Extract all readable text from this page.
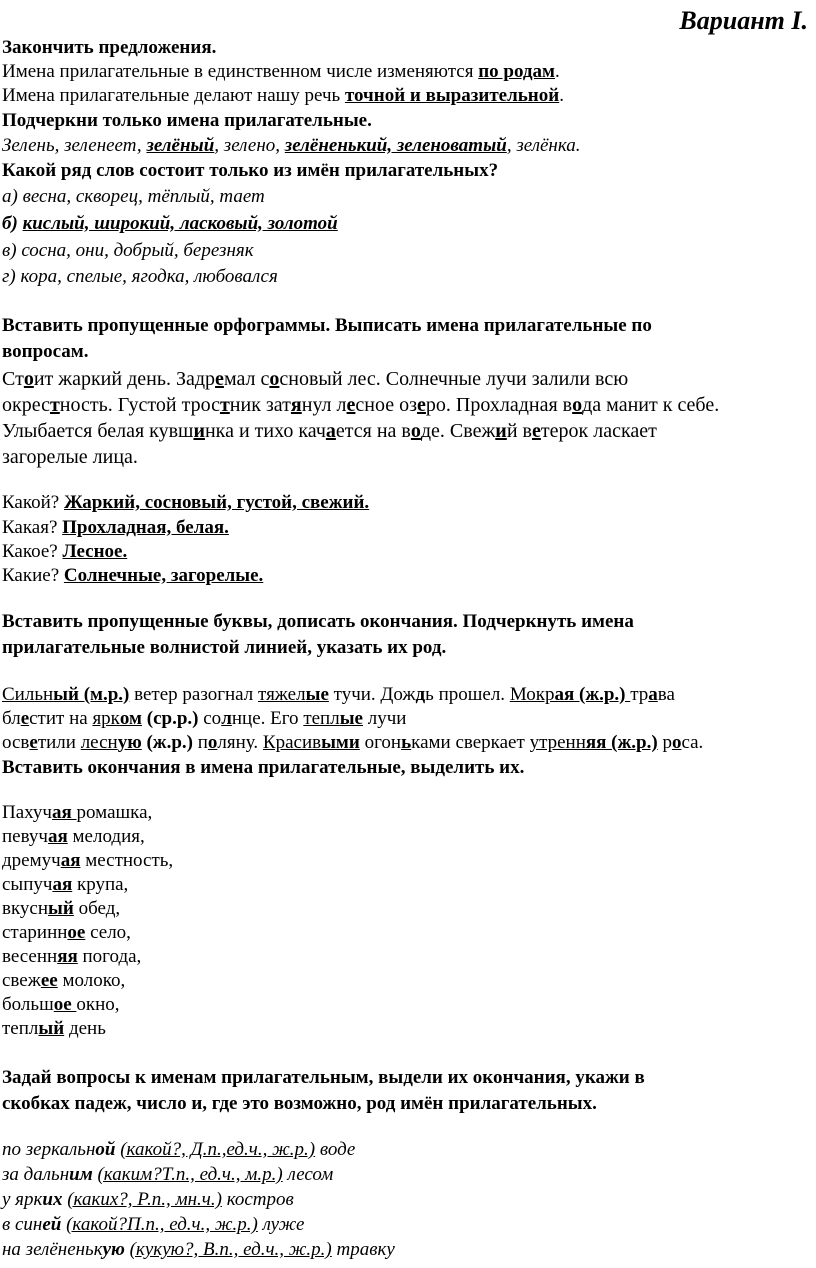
Вариант I.
Закончить предложения.
Имена прилагательные в единственном числе изменяются по родам.
Имена прилагательные делают нашу речь точной и выразительной.
Подчеркни только имена прилагательные.
Зелень, зеленеет, зелёный, зелено, зелёненький, зеленоватый, зелёнка.
Какой ряд слов состоит только из имён прилагательных?
а) весна, скворец, тёплый, тает
б) кислый, широкий, ласковый, золотой
в) сосна, они, добрый, березняк
г) кора, спелые, ягодка, любовался
Вставить пропущенные орфограммы. Выписать имена прилагательные по
вопросам.
Стоит жаркий день. Задремал сосновый лес. Солнечные лучи залили всю
окрестность. Густой тростник затянул лесное озеро. Прохладная вода манит к себе.
Улыбается белая кувшинка и тихо качается на воде. Свежий ветерок ласкает
загорелые лица.
Какой? Жаркий, сосновый, густой, свежий.
Какая? Прохладная, белая.
Какое? Лесное.
Какие? Солнечные, загорелые.
Вставить пропущенные буквы, дописать окончания. Подчеркнуть имена
прилагательные волнистой линией, указать их род.
Сильный (м.р.) ветер разогнал тяжелые тучи. Дождь прошел. Мокрая (ж.р.) трава
блестит на ярком (ср.р.) солнце. Его теплые лучи
осветили лесную (ж.р.) поляну. Красивыми огоньками сверкает утренняя (ж.р.) роса.
Вставить окончания в имена прилагательные, выделить их.
Пахучая ромашка,
певучая мелодия,
дремучая местность,
сыпучая крупа,
вкусный обед,
старинное село,
весенняя погода,
свежее молоко,
большое окно,
теплый день
Задай вопросы к именам прилагательным, выдели их окончания, укажи в
скобках падеж, число и, где это возможно, род имён прилагательных.
по зеркальной (какой?, Д.п.,ед.ч., ж.р.) воде
за дальним (каким?Т.п., ед.ч., м.р.) лесом
у ярких (каких?, Р.п., мн.ч.) костров
в синей (какой?П.п., ед.ч., ж.р.) луже
на зелёненькую (кукую?, В.п., ед.ч., ж.р.) травку
